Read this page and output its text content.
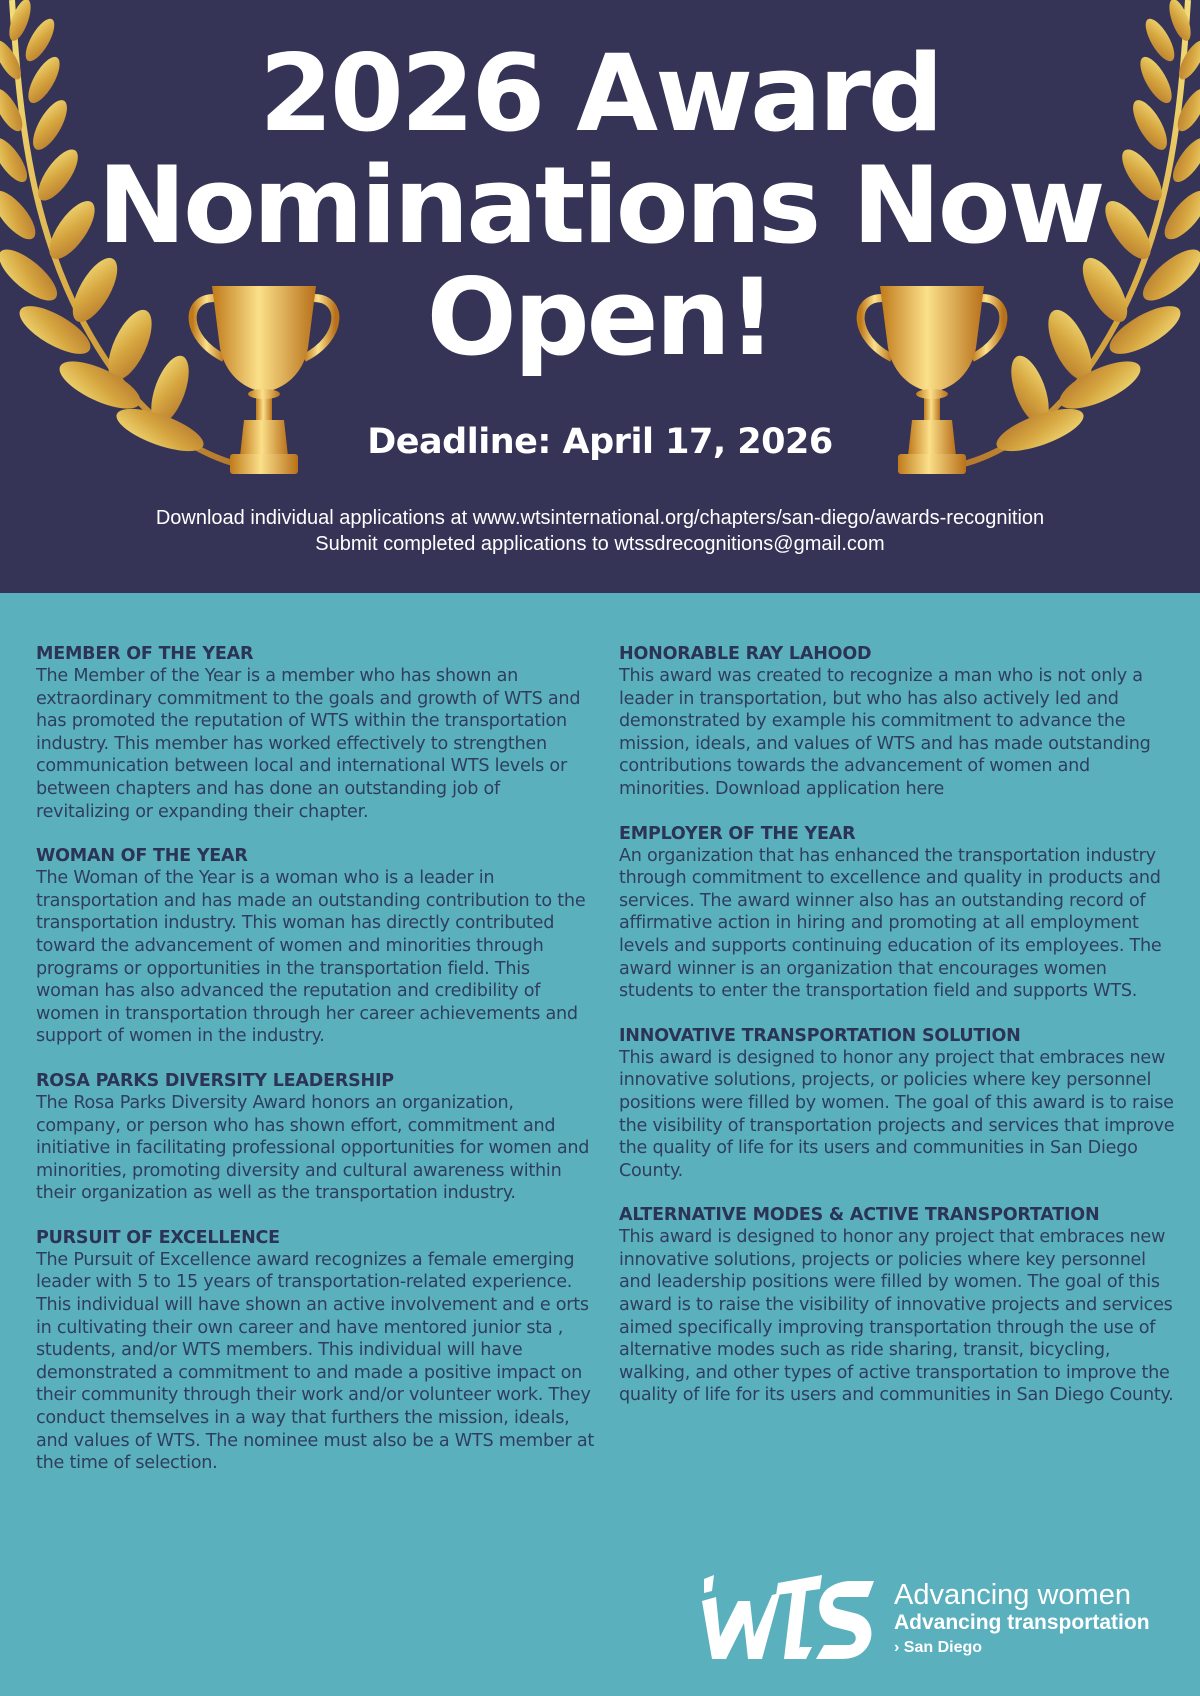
2026 Award
Nominations Now
Open!
Deadline: April 17, 2026
Download individual applications at www.wtsinternational.org/chapters/san-diego/awards-recognition
Submit completed applications to wtssdrecognitions@gmail.com
MEMBER OF THE YEAR

The Member of the Year is a member who has shown an extraordinary commitment to the goals and growth of WTS and has promoted the reputation of WTS within the transportation industry. This member has worked effectively to strengthen communication between local and international WTS levels or between chapters and has done an outstanding job of revitalizing or expanding their chapter.

WOMAN OF THE YEAR

The Woman of the Year is a woman who is a leader in transportation and has made an outstanding contribution to the transportation industry. This woman has directly contributed toward the advancement of women and minorities through programs or opportunities in the transportation field. This woman has also advanced the reputation and credibility of women in transportation through her career achievements and support of women in the industry.

ROSA PARKS DIVERSITY LEADERSHIP

The Rosa Parks Diversity Award honors an organization, company, or person who has shown effort, commitment and initiative in facilitating professional opportunities for women and minorities, promoting diversity and cultural awareness within their organization as well as the transportation industry.

PURSUIT OF EXCELLENCE

The Pursuit of Excellence award recognizes a female emerging leader with 5 to 15 years of transportation-related experience. This individual will have shown an active involvement and e orts in cultivating their own career and have mentored junior sta , students, and/or WTS members. This individual will have demonstrated a commitment to and made a positive impact on their community through their work and/or volunteer work. They conduct themselves in a way that furthers the mission, ideals, and values of WTS. The nominee must also be a WTS member at the time of selection.

HONORABLE RAY LAHOOD

This award was created to recognize a man who is not only a leader in transportation, but who has also actively led and demonstrated by example his commitment to advance the mission, ideals, and values of WTS and has made outstanding contributions towards the advancement of women and minorities. Download application here

EMPLOYER OF THE YEAR

An organization that has enhanced the transportation industry through commitment to excellence and quality in products and services. The award winner also has an outstanding record of affirmative action in hiring and promoting at all employment levels and supports continuing education of its employees. The award winner is an organization that encourages women students to enter the transportation field and supports WTS.

INNOVATIVE TRANSPORTATION SOLUTION

This award is designed to honor any project that embraces new innovative solutions, projects, or policies where key personnel positions were filled by women. The goal of this award is to raise the visibility of transportation projects and services that improve the quality of life for its users and communities in San Diego County.

ALTERNATIVE MODES & ACTIVE TRANSPORTATION

This award is designed to honor any project that embraces new innovative solutions, projects or policies where key personnel and leadership positions were filled by women. The goal of this award is to raise the visibility of innovative projects and services aimed specifically improving transportation through the use of alternative modes such as ride sharing, transit, bicycling, walking, and other types of active transportation to improve the quality of life for its users and communities in San Diego County.

Advancing women
Advancing transportation
› San Diego
